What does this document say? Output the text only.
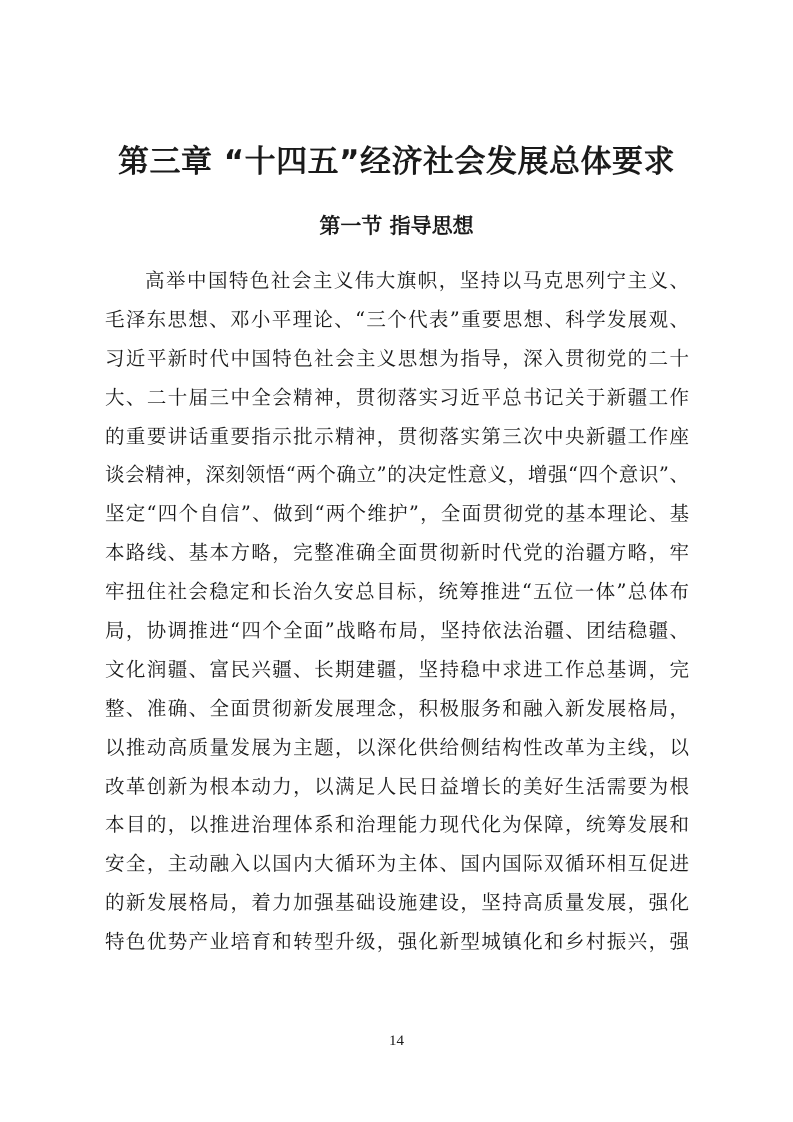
第三章 “十四五”经济社会发展总体要求
第一节 指导思想
高举中国特色社会主义伟大旗帜，坚持以马克思列宁主义、
毛泽东思想、邓小平理论、“三个代表”重要思想、科学发展观、
习近平新时代中国特色社会主义思想为指导，深入贯彻党的二十
大、二十届三中全会精神，贯彻落实习近平总书记关于新疆工作
的重要讲话重要指示批示精神，贯彻落实第三次中央新疆工作座
谈会精神，深刻领悟“两个确立”的决定性意义，增强“四个意识”、
坚定“四个自信”、做到“两个维护”，全面贯彻党的基本理论、基
本路线、基本方略，完整准确全面贯彻新时代党的治疆方略，牢
牢扭住社会稳定和长治久安总目标，统筹推进“五位一体”总体布
局，协调推进“四个全面”战略布局，坚持依法治疆、团结稳疆、
文化润疆、富民兴疆、长期建疆，坚持稳中求进工作总基调，完
整、准确、全面贯彻新发展理念，积极服务和融入新发展格局，
以推动高质量发展为主题，以深化供给侧结构性改革为主线，以
改革创新为根本动力，以满足人民日益增长的美好生活需要为根
本目的，以推进治理体系和治理能力现代化为保障，统筹发展和
安全，主动融入以国内大循环为主体、国内国际双循环相互促进
的新发展格局，着力加强基础设施建设，坚持高质量发展，强化
特色优势产业培育和转型升级，强化新型城镇化和乡村振兴，强
14
